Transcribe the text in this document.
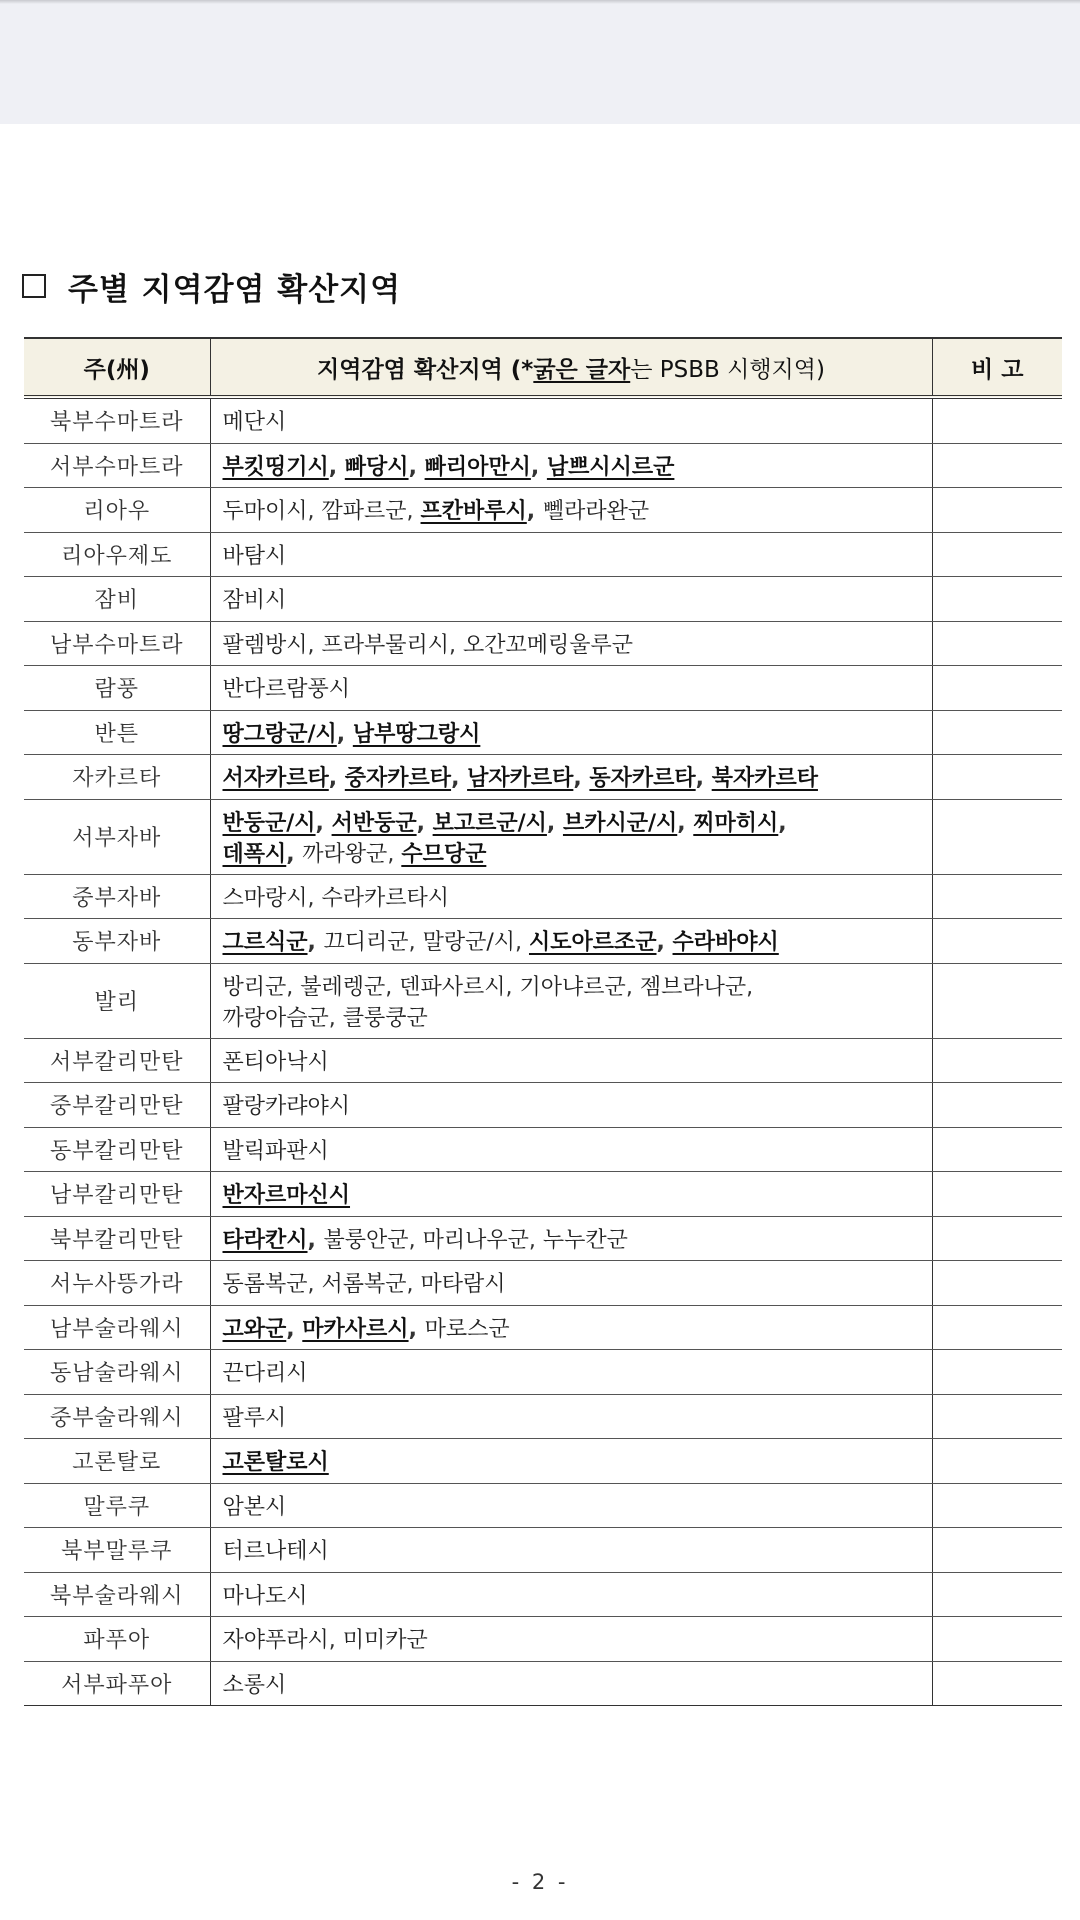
주별 지역감염 확산지역
주(州)	지역감염 확산지역 (*굵은 글자는 PSBB 시행지역)	비 고
북부수마트라	메단시	
서부수마트라	부킷띵기시, 빠당시, 빠리아만시, 남쁘시시르군	
리아우	두마이시, 깜파르군, 프칸바루시, 뻴라라완군	
리아우제도	바탐시	
잠비	잠비시	
남부수마트라	팔렘방시, 프라부물리시, 오간꼬메링울루군	
람풍	반다르람풍시	
반튼	땅그랑군/시, 남부땅그랑시	
자카르타	서자카르타, 중자카르타, 남자카르타, 동자카르타, 북자카르타	
서부자바	반둥군/시, 서반둥군, 보고르군/시, 브카시군/시, 찌마히시,
데폭시, 까라왕군, 수므당군	
중부자바	스마랑시, 수라카르타시	
동부자바	그르식군, 끄디리군, 말랑군/시, 시도아르조군, 수라바야시	
발리	방리군, 불레렝군, 덴파사르시, 기아냐르군, 젬브라나군,
까랑아슴군, 클룽쿵군	
서부칼리만탄	폰티아낙시	
중부칼리만탄	팔랑카랴야시	
동부칼리만탄	발릭파판시	
남부칼리만탄	반자르마신시	
북부칼리만탄	타라칸시, 불룽안군, 마리나우군, 누누칸군	
서누사뜽가라	동롬복군, 서롬복군, 마타람시	
남부술라웨시	고와군, 마카사르시, 마로스군	
동남술라웨시	끈다리시	
중부술라웨시	팔루시	
고론탈로	고론탈로시	
말루쿠	암본시	
북부말루쿠	터르나테시	
북부술라웨시	마나도시	
파푸아	자야푸라시, 미미카군	
서부파푸아	소롱시	
- 2 -
